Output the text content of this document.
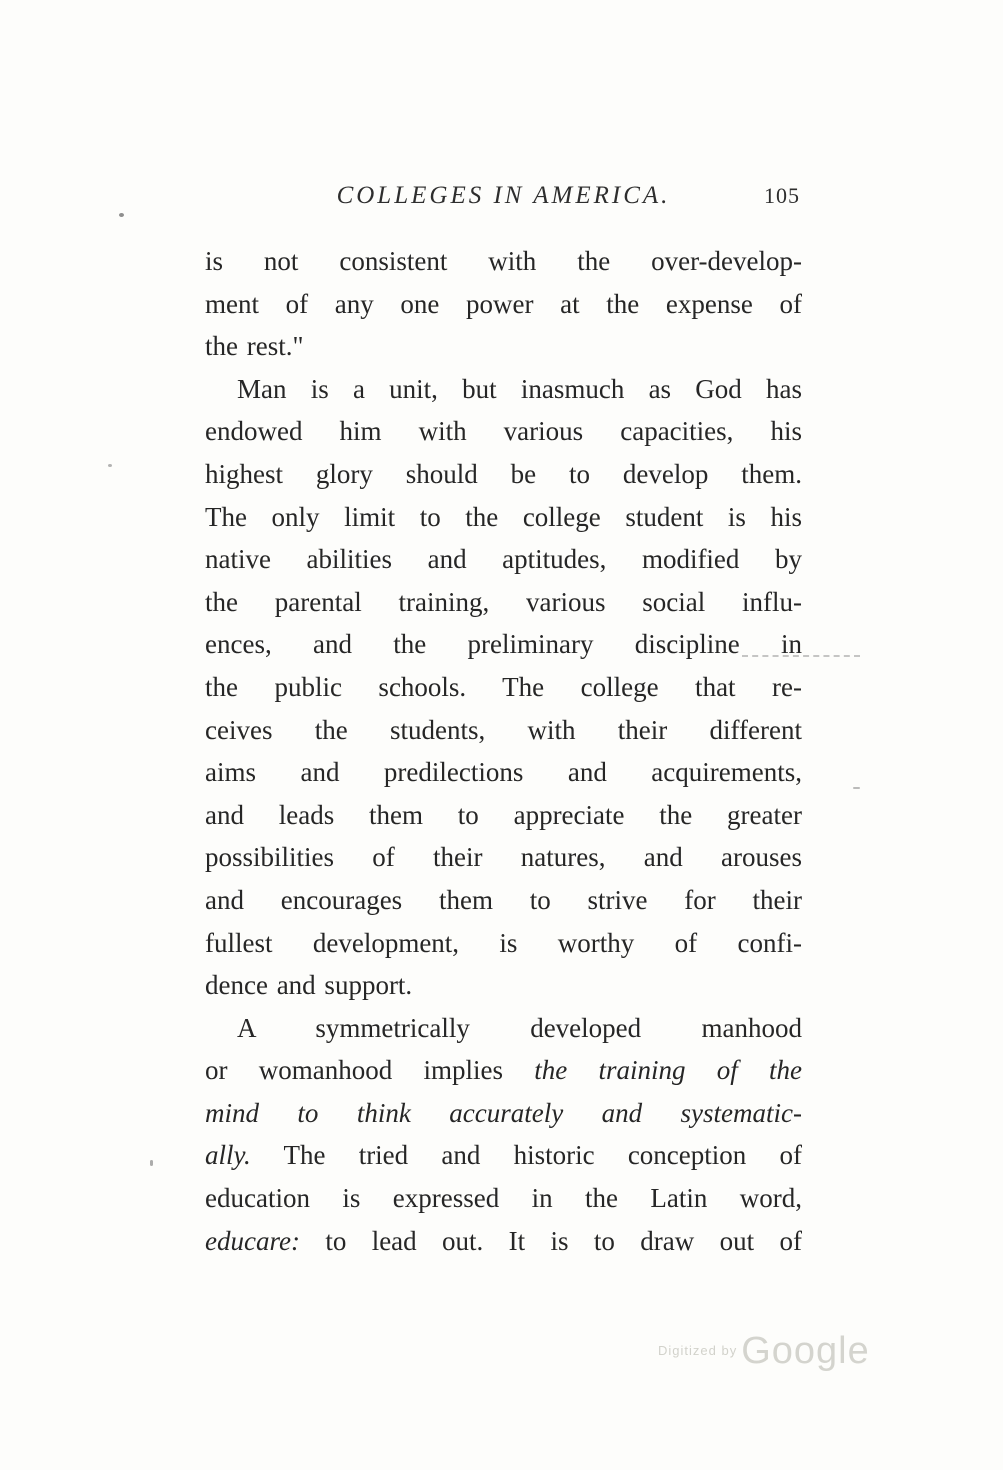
COLLEGES IN AMERICA.	105
is not consistent with the over-develop-
ment of any one power at the expense of
the rest."
Man is a unit, but inasmuch as God has
endowed him with various capacities, his
highest glory should be to develop them.
The only limit to the college student is his
native abilities and aptitudes, modified by
the parental training, various social influ-
ences, and the preliminary discipline in
the public schools. The college that re-
ceives the students, with their different
aims and predilections and acquirements,
and leads them to appreciate the greater
possibilities of their natures, and arouses
and encourages them to strive for their
fullest development, is worthy of confi-
dence and support.
A symmetrically developed manhood
or womanhood implies the training of the
mind to think accurately and systematic-
ally. The tried and historic conception of
education is expressed in the Latin word,
educare: to lead out. It is to draw out of
$^{Digitized by}$ Google
